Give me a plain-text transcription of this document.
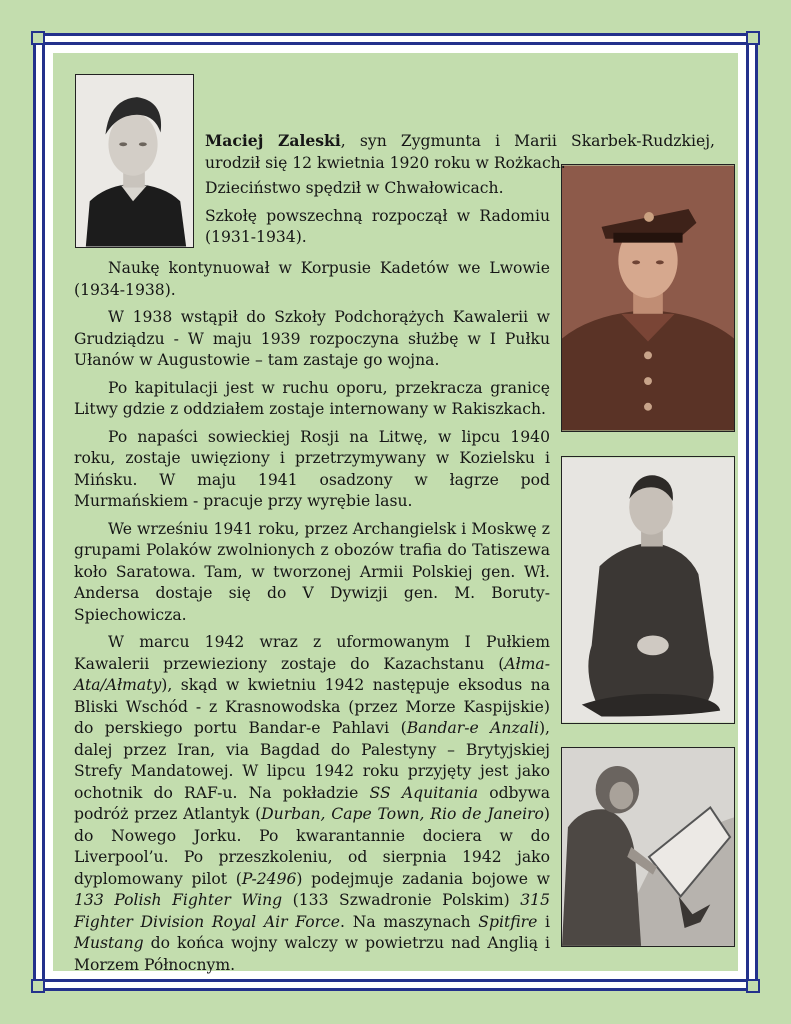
Maciej Zaleski, syn Zygmunta i Marii Skarbek-Rudzkiej, urodził się 12 kwietnia 1920 roku w Rożkach.

Dzieciństwo spędził w Chwałowicach.

Szkołę powszechną rozpoczął w Radomiu (1931-1934).

Naukę kontynuował w Korpusie Kadetów we Lwowie (1934-1938).

W 1938 wstąpił do Szkoły Podchorążych Kawalerii w Grudziądzu - W maju 1939 rozpoczyna służbę w I Pułku Ułanów w Augustowie – tam zastaje go wojna.

Po kapitulacji jest w ruchu oporu, przekracza granicę Litwy gdzie z oddziałem zostaje internowany w Rakiszkach.

Po napaści sowieckiej Rosji na Litwę, w lipcu 1940 roku, zostaje uwięziony i przetrzymywany w Kozielsku i Mińsku. W maju 1941 osadzony w łagrze pod Murmańskiem - pracuje przy wyrębie lasu.

We wrześniu 1941 roku, przez Archangielsk i Moskwę z grupami Polaków zwolnionych z obozów trafia do Tatiszewa koło Saratowa. Tam, w tworzonej Armii Polskiej gen. Wł. Andersa dostaje się do V Dywizji gen. M. Boruty-Spiechowicza.

W marcu 1942 wraz z uformowanym I Pułkiem Kawalerii przewieziony zostaje do Kazachstanu (Ałma-Ata/Ałmaty), skąd w kwietniu 1942 następuje eksodus na Bliski Wschód - z Krasnowodska (przez Morze Kaspijskie) do perskiego portu Bandar-e Pahlavi (Bandar-e Anzali), dalej przez Iran, via Bagdad do Palestyny – Brytyjskiej Strefy Mandatowej. W lipcu 1942 roku przyjęty jest jako ochotnik do RAF-u. Na pokładzie SS Aquitania odbywa podróż przez Atlantyk (Durban, Cape Town, Rio de Janeiro) do Nowego Jorku. Po kwarantannie dociera w do Liverpool’u. Po przeszkoleniu, od sierpnia 1942 jako dyplomowany pilot (P-2496) podejmuje zadania bojowe w 133 Polish Fighter Wing (133 Szwadronie Polskim) 315 Fighter Division Royal Air Force. Na maszynach Spitfire i Mustang do końca wojny walczy w powietrzu nad Anglią i Morzem Północnym.
